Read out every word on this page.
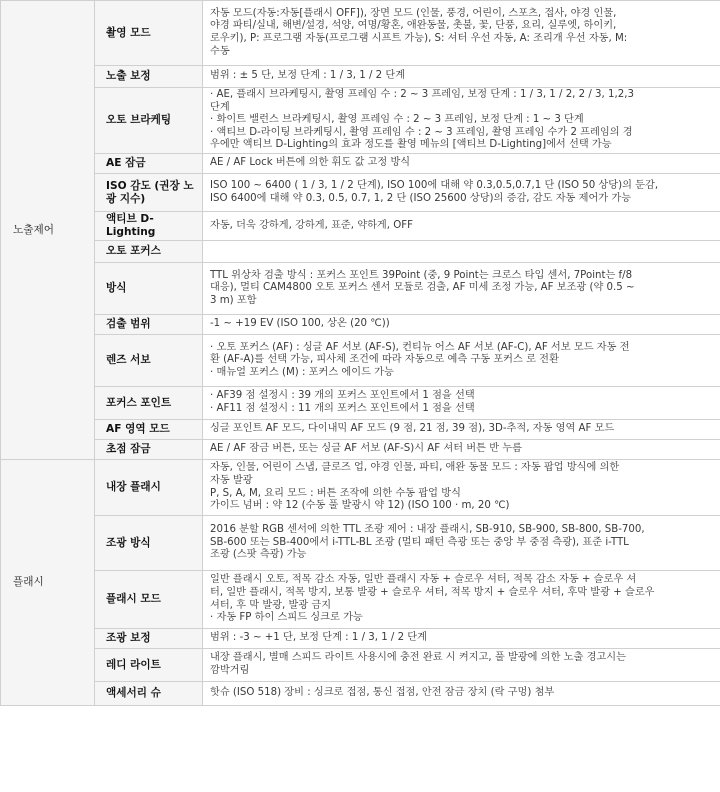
노출제어	촬영 모드	자동 모드(자동:자동[플래시 OFF]), 장면 모드 (인물, 풍경, 어린이, 스포츠, 접사, 야경 인물,
야경 파티/실내, 해변/설경, 석양, 여명/황혼, 애완동물, 촛불, 꽃, 단풍, 요리, 실루엣, 하이키,
로우키), P: 프로그램 자동(프로그램 시프트 가능), S: 셔터 우선 자동, A: 조리개 우선 자동, M:
수동

	노출 보정	범위 : ± 5 단, 보정 단계 : 1 / 3, 1 / 2 단계

	오토 브라케팅	· AE, 플래시 브라케팅시, 촬영 프레임 수 : 2 ~ 3 프레임, 보정 단계 : 1 / 3, 1 / 2, 2 / 3, 1,2,3
단계
· 화이트 밸런스 브라케팅시, 촬영 프레임 수 : 2 ~ 3 프레임, 보정 단계 : 1 ~ 3 단계
· 액티브 D-라이팅 브라케팅시, 촬영 프레임 수 : 2 ~ 3 프레임, 촬영 프레임 수가 2 프레임의 경
우에만 액티브 D-Lighting의 효과 정도를 촬영 메뉴의 [액티브 D-Lighting]에서 선택 가능

	AE 잠금	AE / AF Lock 버튼에 의한 휘도 값 고정 방식

	ISO 감도 (권장 노광 지수)	ISO 100 ~ 6400 ( 1 / 3, 1 / 2 단계), ISO 100에 대해 약 0.3,0.5,0.7,1 단 (ISO 50 상당)의 둔감,
ISO 6400에 대해 약 0.3, 0.5, 0.7, 1, 2 단 (ISO 25600 상당)의 증감, 감도 자동 제어가 가능

	액티브 D-Lighting	자동, 더욱 강하게, 강하게, 표준, 약하게, OFF

	오토 포커스	

	방식	TTL 위상차 검출 방식 : 포커스 포인트 39Point (중, 9 Point는 크로스 타입 센서, 7Point는 f/8
대응), 멀티 CAM4800 오토 포커스 센서 모듈로 검출, AF 미세 조정 가능, AF 보조광 (약 0.5 ~
3 m) 포함

	검출 범위	-1 ~ +19 EV (ISO 100, 상온 (20 ℃))

	렌즈 서보	· 오토 포커스 (AF) : 싱글 AF 서보 (AF-S), 컨티뉴 어스 AF 서보 (AF-C), AF 서보 모드 자동 전
환 (AF-A)를 선택 가능, 피사체 조건에 따라 자동으로 예측 구동 포커스 로 전환
· 매뉴얼 포커스 (M) : 포커스 에이드 가능

	포커스 포인트	· AF39 점 설정시 : 39 개의 포커스 포인트에서 1 점을 선택
· AF11 점 설정시 : 11 개의 포커스 포인트에서 1 점을 선택

	AF 영역 모드	싱글 포인트 AF 모드, 다이내믹 AF 모드 (9 점, 21 점, 39 점), 3D-추적, 자동 영역 AF 모드

	초점 잠금	AE / AF 잠금 버튼, 또는 싱글 AF 서보 (AF-S)시 AF 셔터 버튼 반 누름

플래시	내장 플래시	자동, 인물, 어린이 스냅, 클로즈 업, 야경 인물, 파티, 애완 동물 모드 : 자동 팝업 방식에 의한
자동 발광
P, S, A, M, 요리 모드 : 버튼 조작에 의한 수동 팝업 방식
가이드 넘버 : 약 12 (수동 풀 발광시 약 12) (ISO 100 · m, 20 ℃)

	조광 방식	2016 분할 RGB 센서에 의한 TTL 조광 제어 : 내장 플래시, SB-910, SB-900, SB-800, SB-700,
SB-600 또는 SB-400에서 i-TTL-BL 조광 (멀티 패턴 측광 또는 중앙 부 중점 측광), 표준 i-TTL
조광 (스팟 측광) 가능

	플래시 모드	일반 플래시 오토, 적목 감소 자동, 일반 플래시 자동 + 슬로우 셔터, 적목 감소 자동 + 슬로우 셔
터, 일반 플래시, 적목 방지, 보통 발광 + 슬로우 셔터, 적목 방지 + 슬로우 셔터, 후막 발광 + 슬로우
셔터, 후 막 발광, 발광 금지
· 자동 FP 하이 스피드 싱크로 가능

	조광 보정	범위 : -3 ~ +1 단, 보정 단계 : 1 / 3, 1 / 2 단계

	레디 라이트	내장 플래시, 별매 스피드 라이트 사용시에 충전 완료 시 켜지고, 풀 발광에 의한 노출 경고시는
깜박거림

	액세서리 슈	핫슈 (ISO 518) 장비 : 싱크로 접점, 통신 접점, 안전 잠금 장치 (락 구멍) 첨부
